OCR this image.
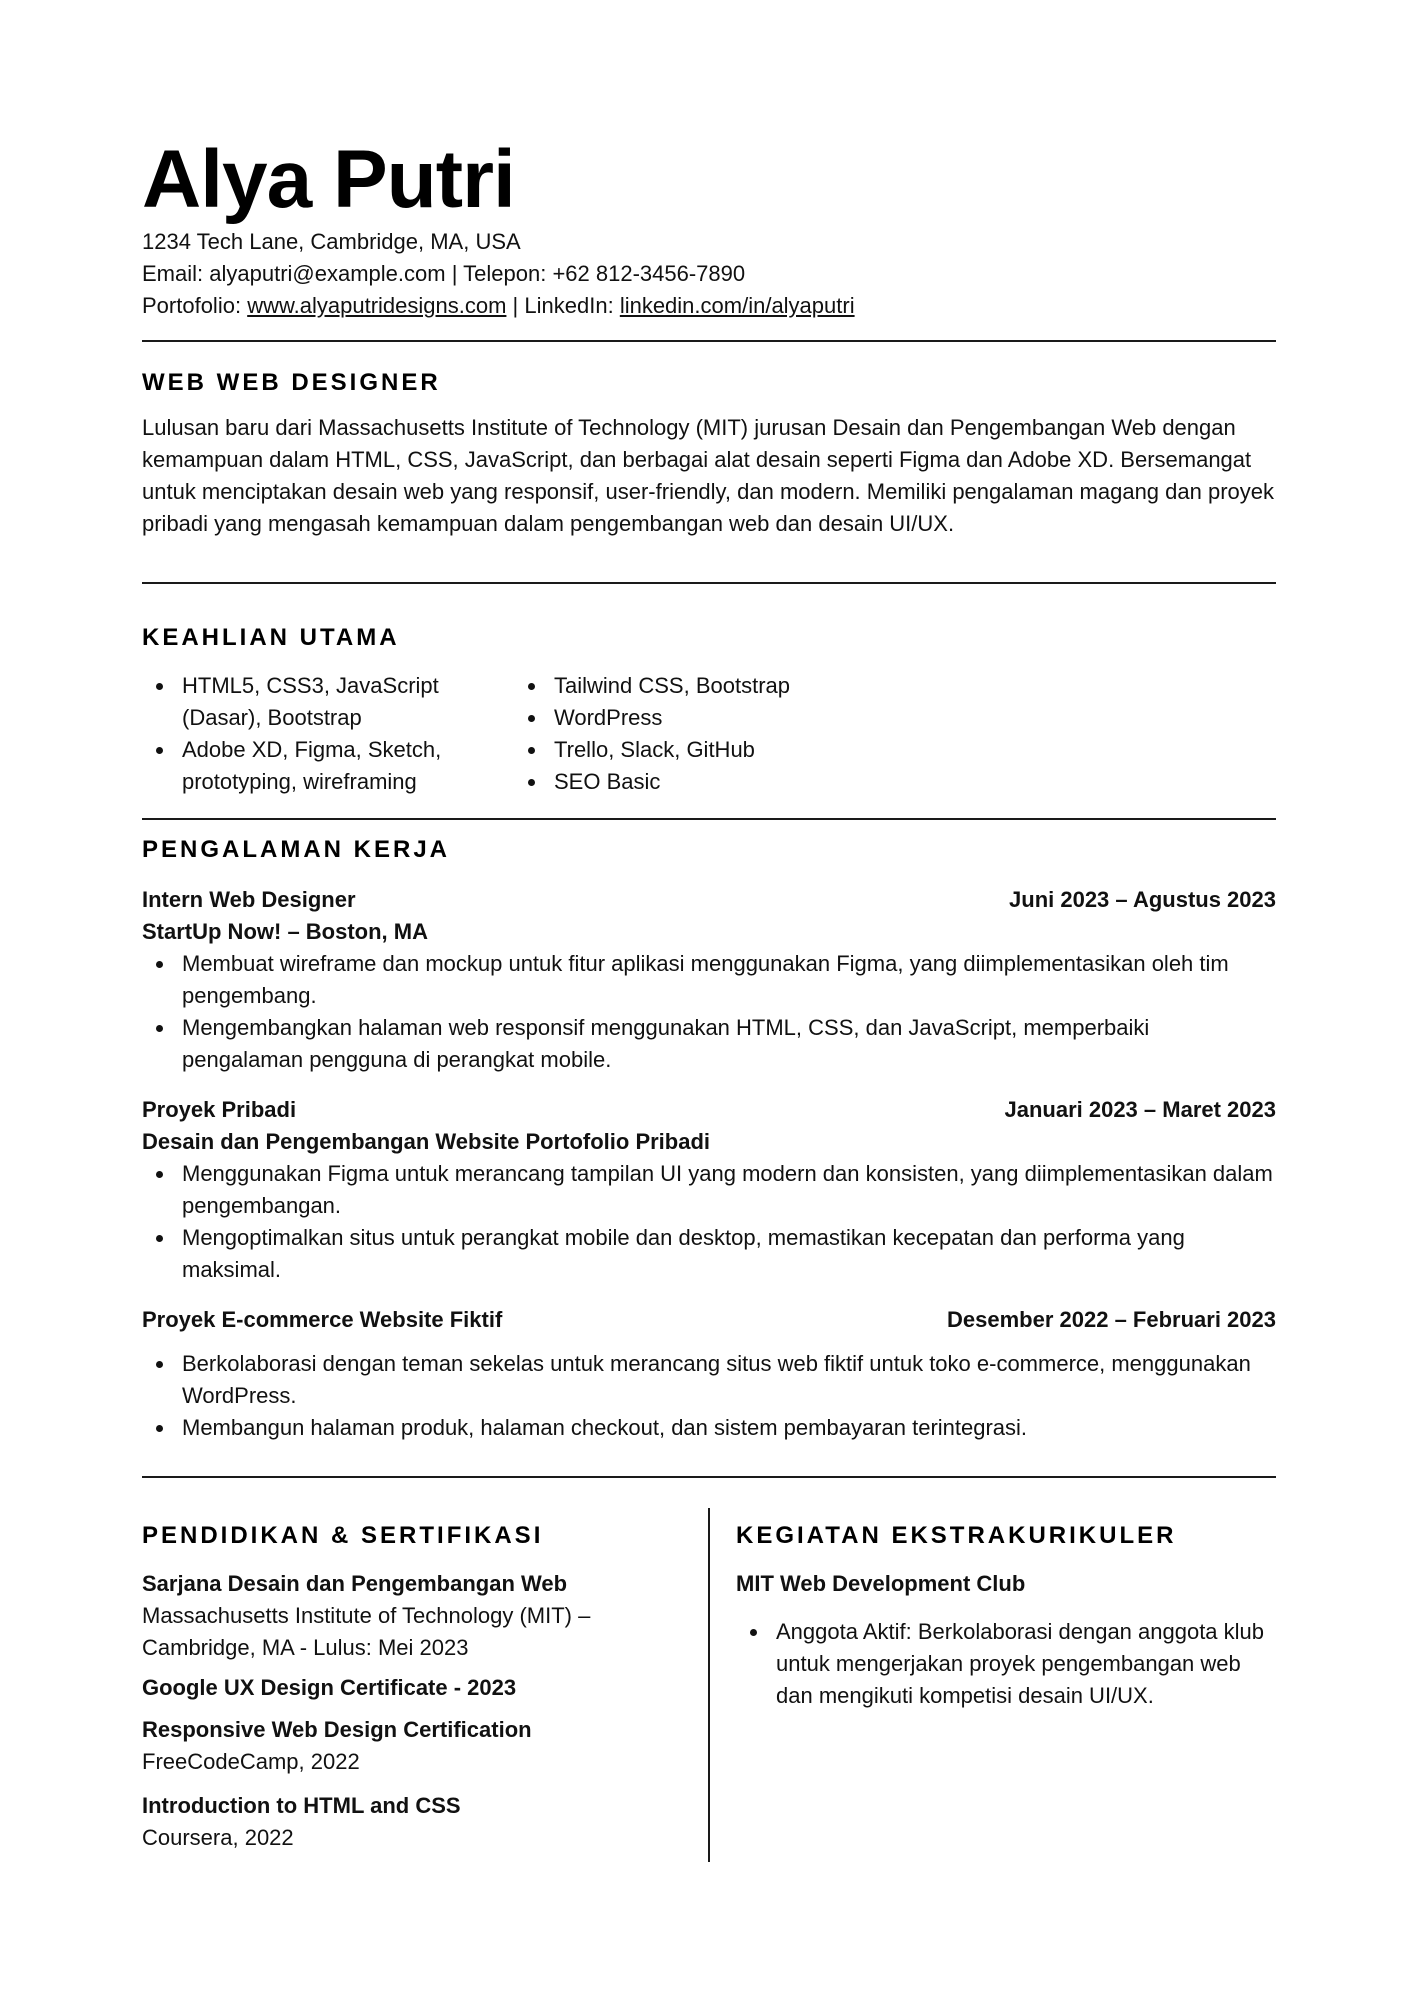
Alya Putri
1234 Tech Lane, Cambridge, MA, USA
Email: alyaputri@example.com | Telepon: +62 812-3456-7890
Portofolio: www.alyaputridesigns.com | LinkedIn: linkedin.com/in/alyaputri
WEB WEB DESIGNER

Lulusan baru dari Massachusetts Institute of Technology (MIT) jurusan Desain dan Pengembangan Web dengan kemampuan dalam HTML, CSS, JavaScript, dan berbagai alat desain seperti Figma dan Adobe XD. Bersemangat untuk menciptakan desain web yang responsif, user-friendly, dan modern. Memiliki pengalaman magang dan proyek pribadi yang mengasah kemampuan dalam pengembangan web dan desain UI/UX.

KEAHLIAN UTAMA
HTML5, CSS3, JavaScript (Dasar), Bootstrap
Adobe XD, Figma, Sketch, prototyping, wireframing
Tailwind CSS, Bootstrap
WordPress
Trello, Slack, GitHub
SEO Basic
PENGALAMAN KERJA
Intern Web Designer	Juni 2023 – Agustus 2023
StartUp Now! – Boston, MA
Membuat wireframe dan mockup untuk fitur aplikasi menggunakan Figma, yang diimplementasikan oleh tim pengembang.
Mengembangkan halaman web responsif menggunakan HTML, CSS, dan JavaScript, memperbaiki pengalaman pengguna di perangkat mobile.
Proyek Pribadi	Januari 2023 – Maret 2023
Desain dan Pengembangan Website Portofolio Pribadi
Menggunakan Figma untuk merancang tampilan UI yang modern dan konsisten, yang diimplementasikan dalam pengembangan.
Mengoptimalkan situs untuk perangkat mobile dan desktop, memastikan kecepatan dan performa yang maksimal.
Proyek E-commerce Website Fiktif	Desember 2022 – Februari 2023
Berkolaborasi dengan teman sekelas untuk merancang situs web fiktif untuk toko e-commerce, menggunakan WordPress.
Membangun halaman produk, halaman checkout, dan sistem pembayaran terintegrasi.
PENDIDIKAN & SERTIFIKASI
Sarjana Desain dan Pengembangan Web
Massachusetts Institute of Technology (MIT) – Cambridge, MA - Lulus: Mei 2023
Google UX Design Certificate - 2023
Responsive Web Design Certification
FreeCodeCamp, 2022
Introduction to HTML and CSS
Coursera, 2022
KEGIATAN EKSTRAKURIKULER
MIT Web Development Club
Anggota Aktif: Berkolaborasi dengan anggota klub untuk mengerjakan proyek pengembangan web dan mengikuti kompetisi desain UI/UX.
